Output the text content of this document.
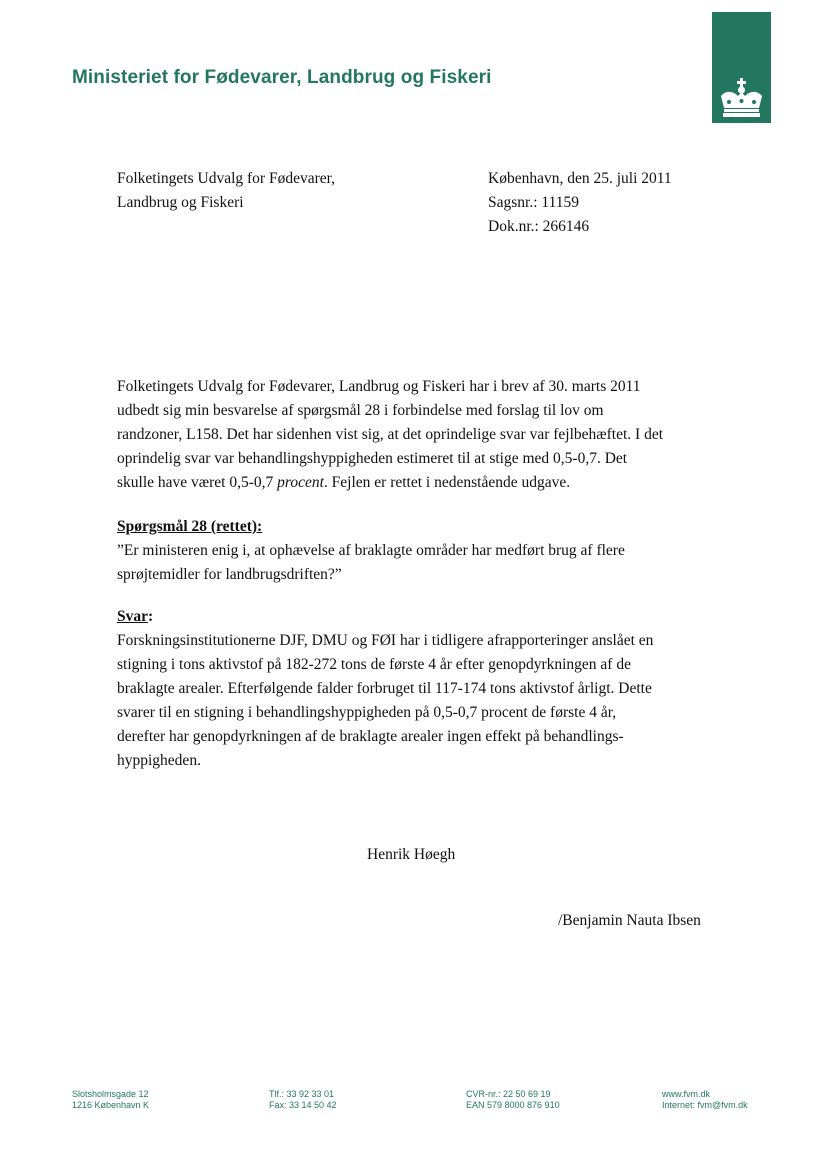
Ministeriet for Fødevarer, Landbrug og Fiskeri
Folketingets Udvalg for Fødevarer,
Landbrug og Fiskeri
København, den 25. juli 2011
Sagsnr.: 11159
Dok.nr.: 266146
Folketingets Udvalg for Fødevarer, Landbrug og Fiskeri har i brev af 30. marts 2011
udbedt sig min besvarelse af spørgsmål 28 i forbindelse med forslag til lov om
randzoner, L158. Det har sidenhen vist sig, at det oprindelige svar var fejlbehæftet. I det
oprindelig svar var behandlingshyppigheden estimeret til at stige med 0,5-0,7. Det
skulle have været 0,5-0,7 procent. Fejlen er rettet i nedenstående udgave.
Spørgsmål 28 (rettet):
”Er ministeren enig i, at ophævelse af braklagte områder har medført brug af flere
sprøjtemidler for landbrugsdriften?”
Svar:
Forskningsinstitutionerne DJF, DMU og FØI har i tidligere afrapporteringer anslået en
stigning i tons aktivstof på 182-272 tons de første 4 år efter genopdyrkningen af de
braklagte arealer. Efterfølgende falder forbruget til 117-174 tons aktivstof årligt. Dette
svarer til en stigning i behandlingshyppigheden på 0,5-0,7 procent de første 4 år,
derefter har genopdyrkningen af de braklagte arealer ingen effekt på behandlings-
hyppigheden.
Henrik Høegh
/Benjamin Nauta Ibsen
Slotsholmsgade 12
1216 København K
Tlf.: 33 92 33 01
Fax: 33 14 50 42
CVR-nr.: 22 50 69 19
EAN 579 8000 876 910
www.fvm.dk
Internet: fvm@fvm.dk
